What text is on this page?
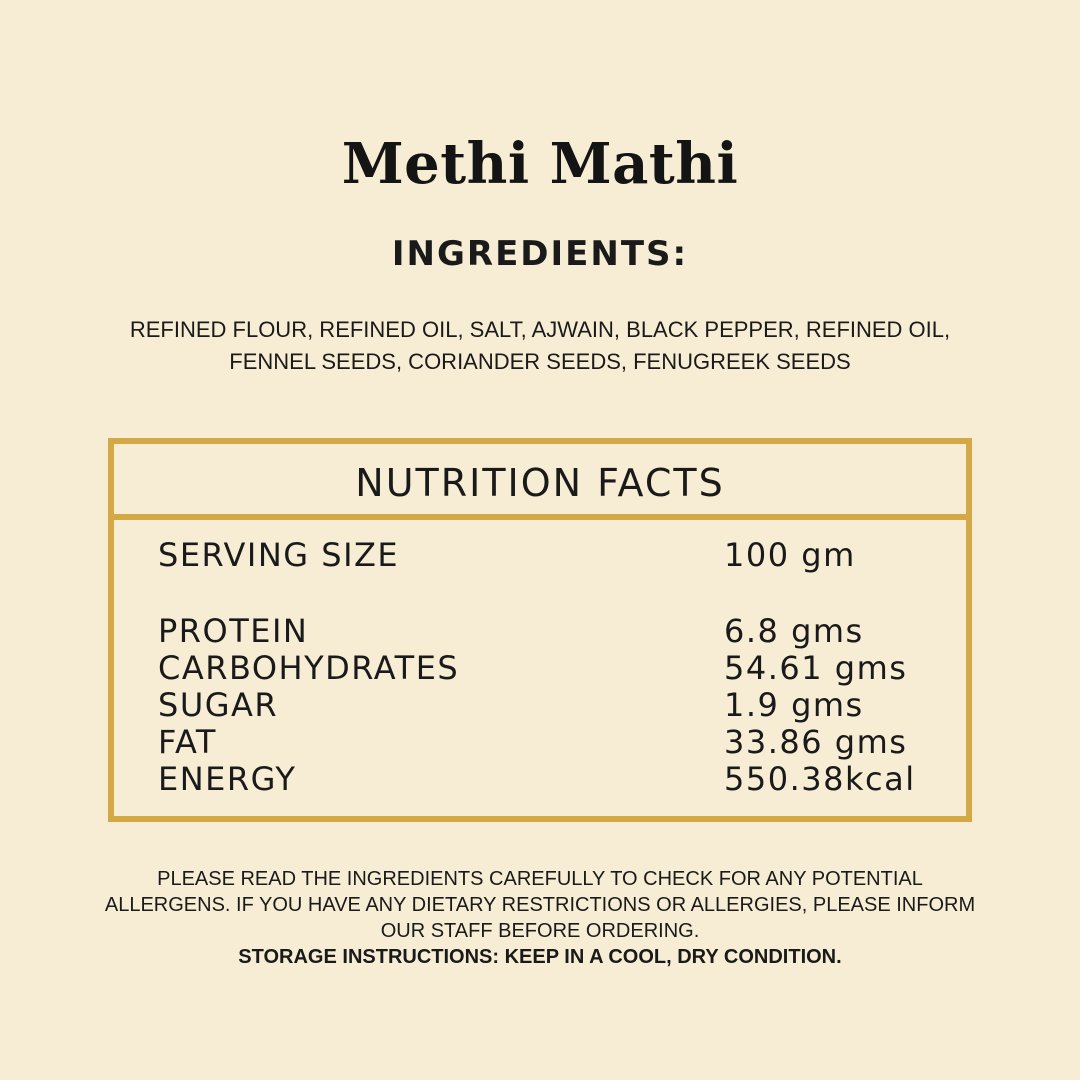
Methi Mathi
INGREDIENTS:
REFINED FLOUR, REFINED OIL, SALT, AJWAIN, BLACK PEPPER, REFINED OIL,
FENNEL SEEDS, CORIANDER SEEDS, FENUGREEK SEEDS
NUTRITION FACTS
SERVING SIZE	100 gm
PROTEIN	6.8 gms
CARBOHYDRATES	54.61 gms
SUGAR	1.9 gms
FAT	33.86 gms
ENERGY	550.38kcal
PLEASE READ THE INGREDIENTS CAREFULLY TO CHECK FOR ANY POTENTIAL
ALLERGENS. IF YOU HAVE ANY DIETARY RESTRICTIONS OR ALLERGIES, PLEASE INFORM
OUR STAFF BEFORE ORDERING.
STORAGE INSTRUCTIONS: KEEP IN A COOL, DRY CONDITION.
